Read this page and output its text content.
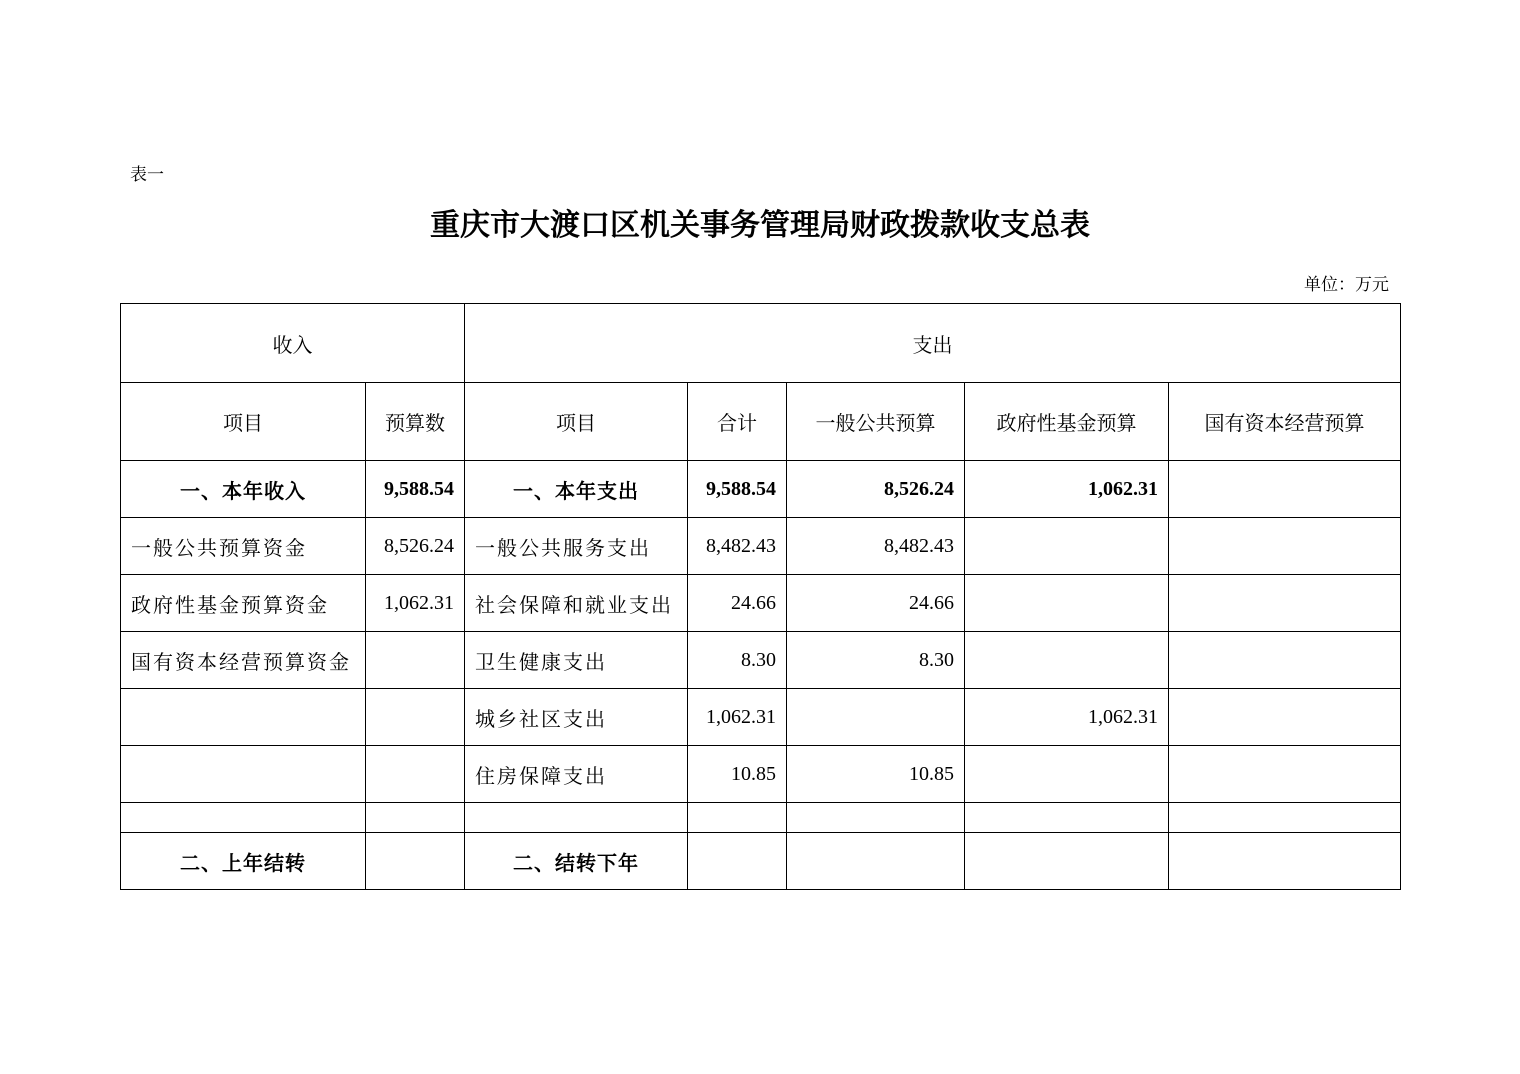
表一
重庆市大渡口区机关事务管理局财政拨款收支总表
单位：万元
收入		支出				
项目	预算数	项目	合计	一般公共预算	政府性基金预算	国有资本经营预算
一、本年收入	9,588.54	一、本年支出	9,588.54	8,526.24	1,062.31	
一般公共预算资金	8,526.24	一般公共服务支出	8,482.43	8,482.43		
政府性基金预算资金	1,062.31	社会保障和就业支出	24.66	24.66		
国有资本经营预算资金		卫生健康支出	8.30	8.30		
		城乡社区支出	1,062.31		1,062.31	
		住房保障支出	10.85	10.85		

二、上年结转		二、结转下年				
